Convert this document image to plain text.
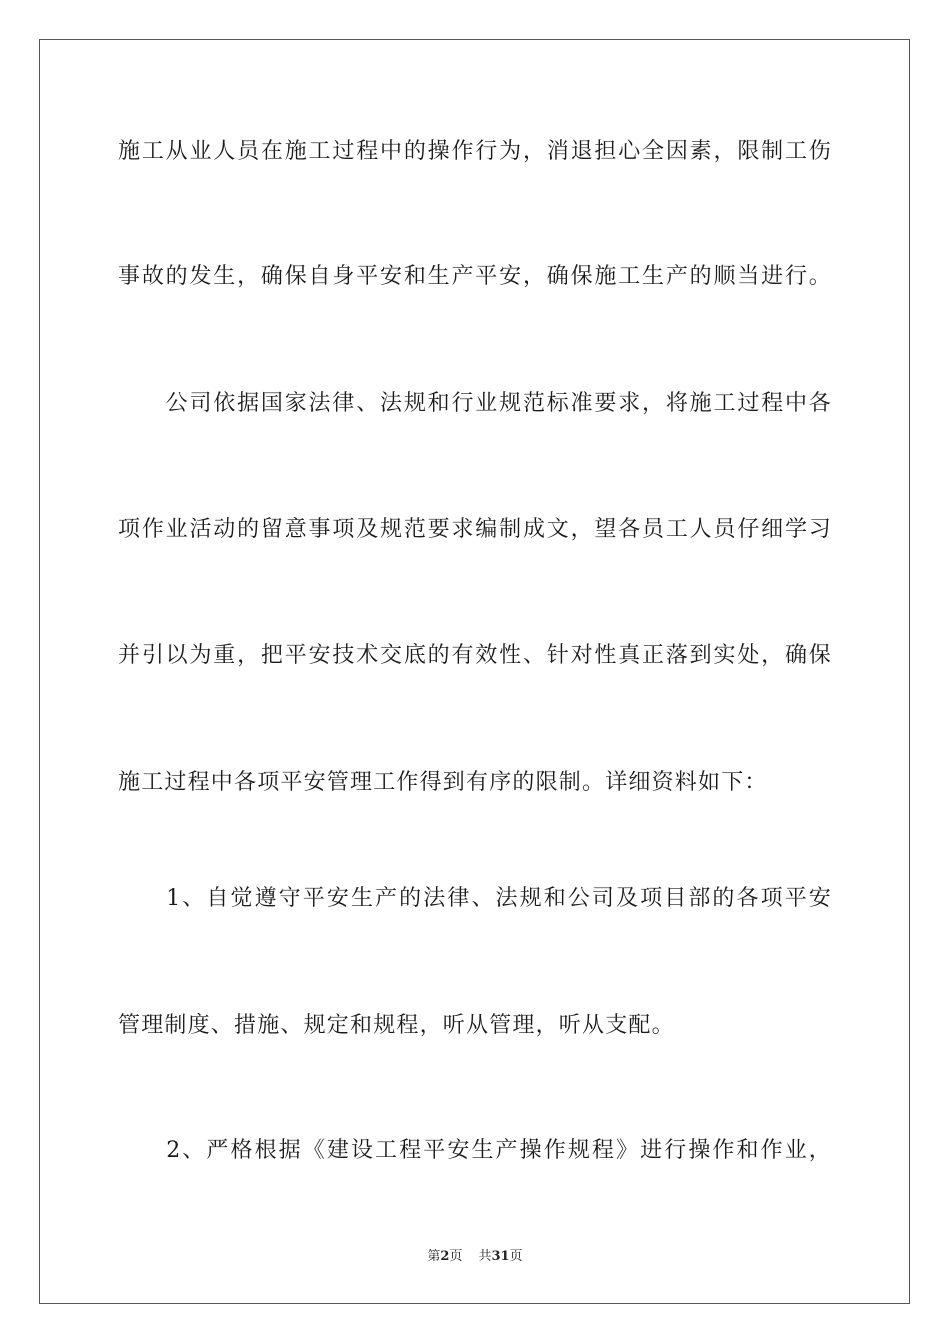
施工从业人员在施工过程中的操作行为，消退担心全因素，限制工伤
事故的发生，确保自身平安和生产平安，确保施工生产的顺当进行。
　　公司依据国家法律、法规和行业规范标准要求，将施工过程中各
项作业活动的留意事项及规范要求编制成文，望各员工人员仔细学习
并引以为重，把平安技术交底的有效性、针对性真正落到实处，确保
施工过程中各项平安管理工作得到有序的限制。详细资料如下：
　　1、自觉遵守平安生产的法律、法规和公司及项目部的各项平安
管理制度、措施、规定和规程，听从管理，听从支配。
　　2、严格根据《建设工程平安生产操作规程》进行操作和作业，
第2页 共31页
